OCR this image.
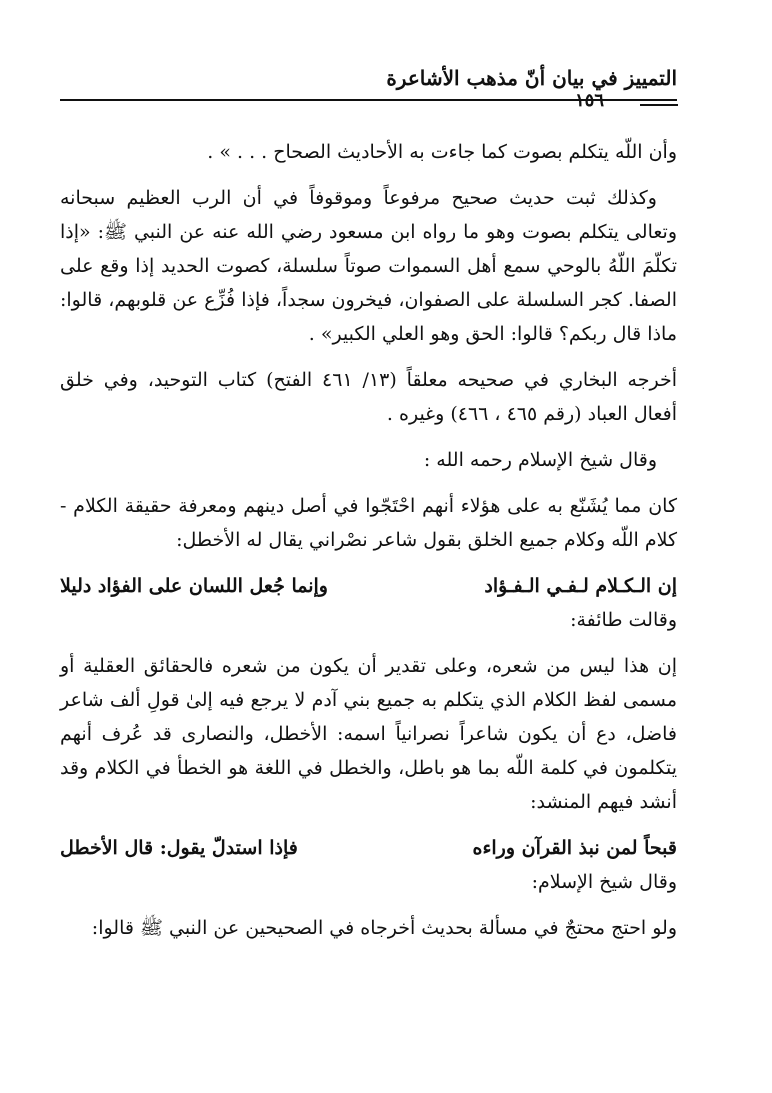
التمييز في بيان أنّ مذهب الأشاعرة
١٥٦

وأن اللّه يتكلم بصوت كما جاءت به الأحاديث الصحاح . . . » .

وكذلك ثبت حديث صحيح مرفوعاً وموقوفاً في أن الرب العظيم سبحانه وتعالى يتكلم بصوت وهو ما رواه ابن مسعود رضي الله عنه عن النبي ﷺ: «إذا تكلّمَ اللّهُ بالوحي سمع أهل السموات صوتاً سلسلة، كصوت الحديد إذا وقع على الصفا. كجر السلسلة على الصفوان، فيخرون سجداً، فإذا فُزِّع عن قلوبهم، قالوا: ماذا قال ربكم؟ قالوا: الحق وهو العلي الكبير» .

أخرجه البخاري في صحيحه معلقاً (١٣/ ٤٦١ الفتح) كتاب التوحيد، وفي خلق أفعال العباد (رقم ٤٦٥ ، ٤٦٦) وغيره .

وقال شيخ الإسلام رحمه الله :

كان مما يُشَنّع به على هؤلاء أنهم احْتَجّوا في أصل دينهم ومعرفة حقيقة الكلام - كلام اللّه وكلام جميع الخلق بقول شاعر نصْراني يقال له الأخطل:

إن الـكـلام لـفـي الـفـؤاد
وإنما جُعل اللسان على الفؤاد دليلا

وقالت طائفة:

إن هذا ليس من شعره، وعلى تقدير أن يكون من شعره فالحقائق العقلية أو مسمى لفظ الكلام الذي يتكلم به جميع بني آدم لا يرجع فيه إلىٰ قولِ ألف شاعر فاضل، دع أن يكون شاعراً نصرانياً اسمه: الأخطل، والنصارى قد عُرف أنهم يتكلمون في كلمة اللّه بما هو باطل، والخطل في اللغة هو الخطأ في الكلام وقد أنشد فيهم المنشد:

قبحاً لمن نبذ القرآن وراءه
فإذا استدلّ يقول: قال الأخطل

وقال شيخ الإسلام:

ولو احتج محتجٌ في مسألة بحديث أخرجاه في الصحيحين عن النبي ﷺ قالوا:
